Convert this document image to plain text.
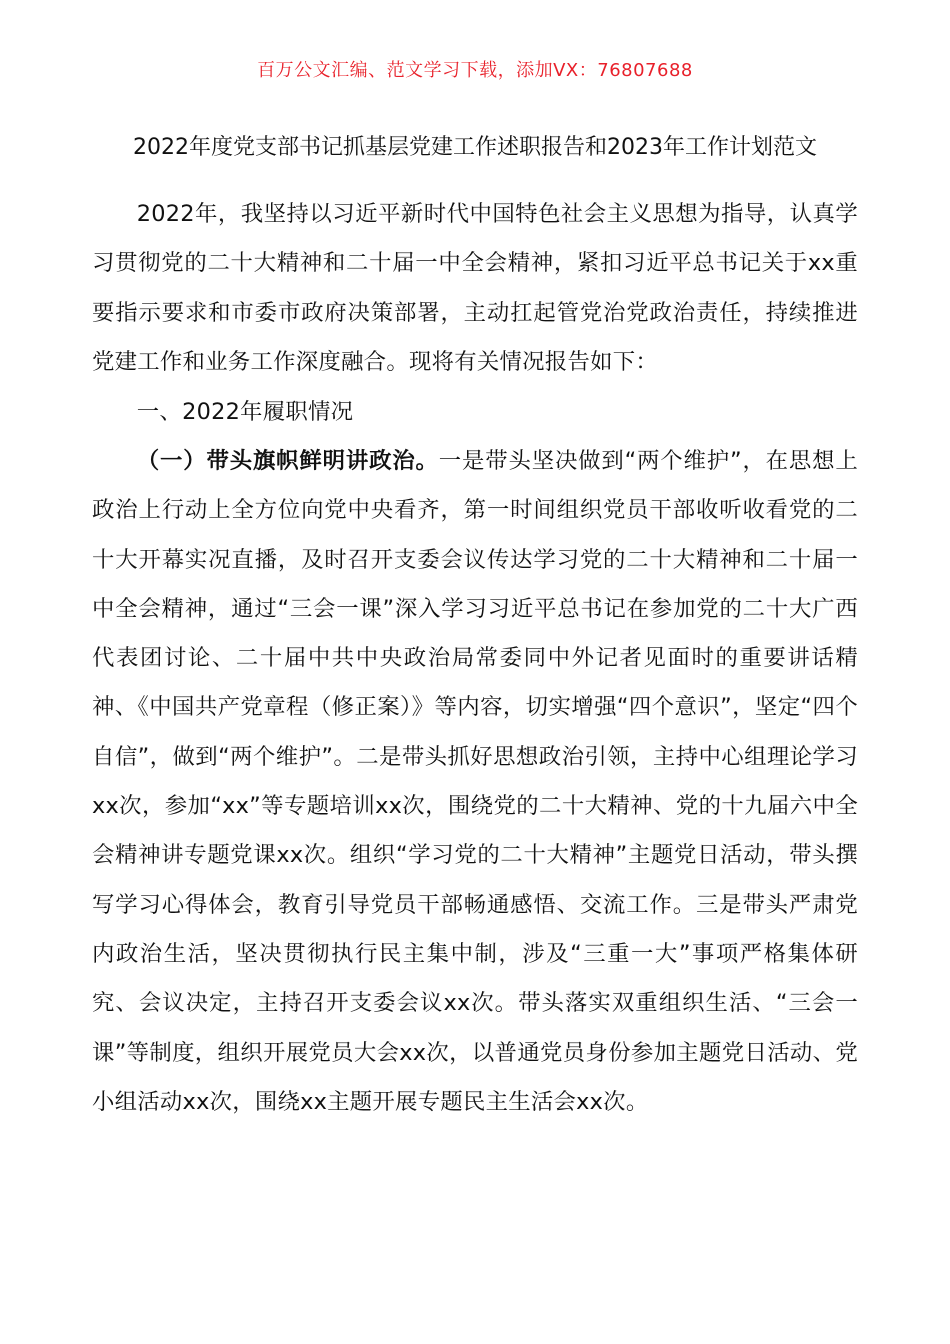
百万公文汇编、范文学习下载，添加VX：76807688
2022年度党支部书记抓基层党建工作述职报告和2023年工作计划范文

2022年，我坚持以习近平新时代中国特色社会主义思想为指导，认真学习贯彻党的二十大精神和二十届一中全会精神，紧扣习近平总书记关于xx重要指示要求和市委市政府决策部署，主动扛起管党治党政治责任，持续推进党建工作和业务工作深度融合。现将有关情况报告如下：

一、2022年履职情况

（一）带头旗帜鲜明讲政治。一是带头坚决做到“两个维护”，在思想上政治上行动上全方位向党中央看齐，第一时间组织党员干部收听收看党的二十大开幕实况直播，及时召开支委会议传达学习党的二十大精神和二十届一中全会精神，通过“三会一课”深入学习习近平总书记在参加党的二十大广西代表团讨论、二十届中共中央政治局常委同中外记者见面时的重要讲话精神、《中国共产党章程（修正案）》等内容，切实增强“四个意识”，坚定“四个自信”，做到“两个维护”。二是带头抓好思想政治引领，主持中心组理论学习xx次，参加“xx”等专题培训xx次，围绕党的二十大精神、党的十九届六中全会精神讲专题党课xx次。组织“学习党的二十大精神”主题党日活动，带头撰写学习心得体会，教育引导党员干部畅通感悟、交流工作。三是带头严肃党内政治生活，坚决贯彻执行民主集中制，涉及“三重一大”事项严格集体研究、会议决定，主持召开支委会议xx次。带头落实双重组织生活、“三会一课”等制度，组织开展党员大会xx次，以普通党员身份参加主题党日活动、党小组活动xx次，围绕xx主题开展专题民主生活会xx次。
